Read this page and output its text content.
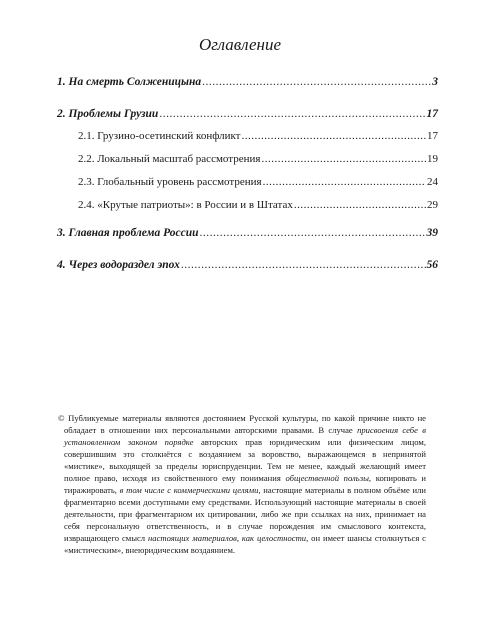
Оглавление
1. На смерть Солженицына .....	3
2. Проблемы Грузии .....	17
2.1. Грузино-осетинский конфликт .....	17
2.2. Локальный масштаб рассмотрения .....	19
2.3. Глобальный уровень рассмотрения .....	24
2.4. «Крутые патриоты»: в России и в Штатах .....	29
3. Главная проблема России .....	39
4. Через водораздел эпох .....	56

© Публикуемые материалы являются достоянием Русской культуры, по какой причине никто не обладает в отношении них персональными авторскими правами. В случае присвоения себе в установленном законом порядке авторских прав юридическим или физическим лицом, совершившим это столкнётся с воздаянием за воровство, выражающемся в непринятой «мистике», выходящей за пределы юриспруденции. Тем не менее, каждый желающий имеет полное право, исходя из свойственного ему понимания общественной пользы, копировать и тиражировать, в том числе с коммерческими целями, настоящие материалы в полном объёме или фрагментарно всеми доступными ему средствами. Использующий настоящие материалы в своей деятельности, при фрагментарном их цитировании, либо же при ссылках на них, принимает на себя персональную ответственность, и в случае порождения им смыслового контекста, извращающего смысл настоящих материалов, как целостности, он имеет шансы столкнуться с «мистическим», внеюридическим воздаянием.
